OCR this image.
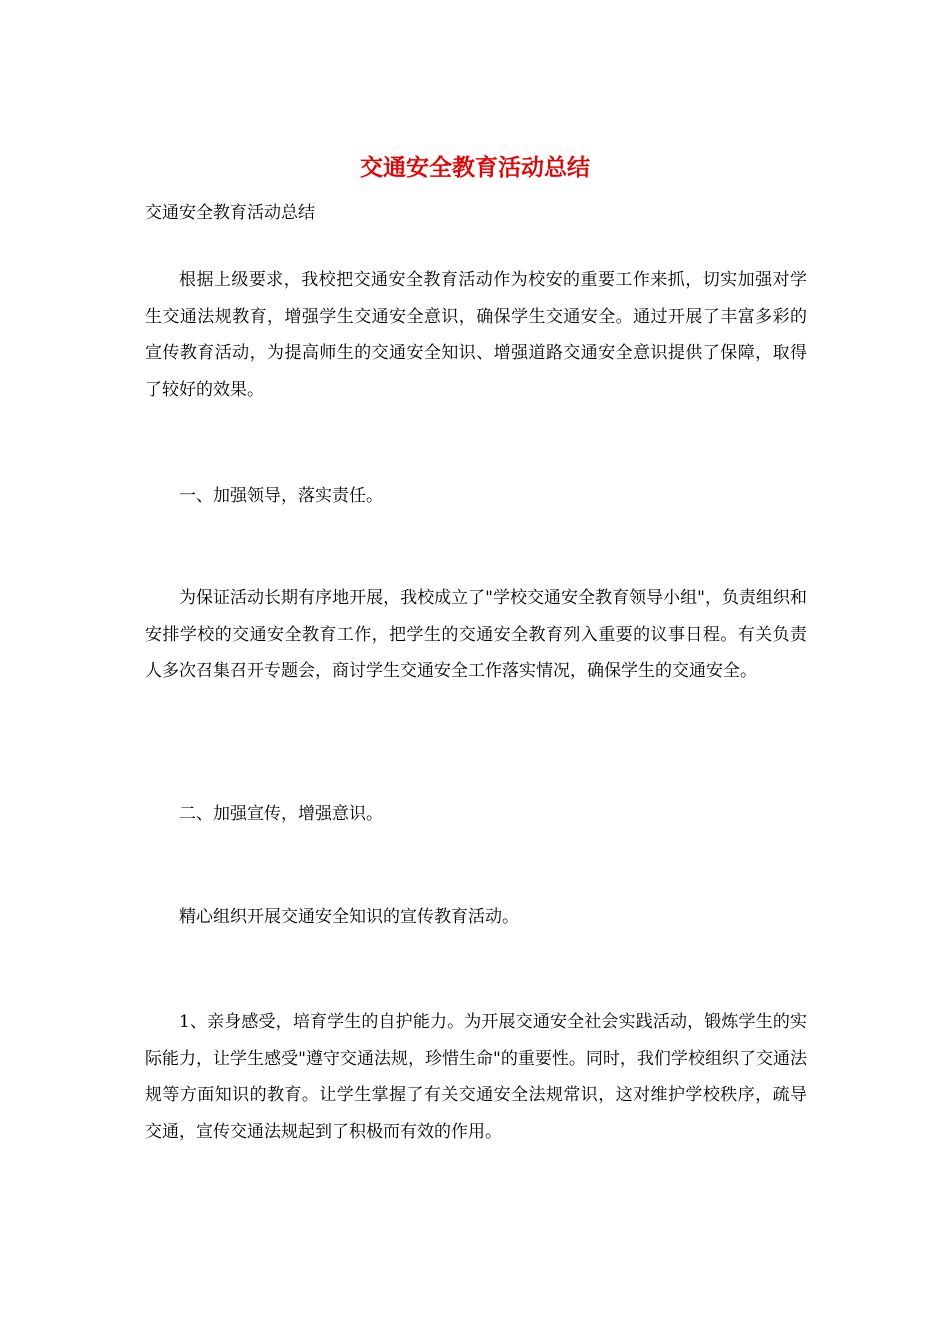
交通安全教育活动总结

交通安全教育活动总结

根据上级要求，我校把交通安全教育活动作为校安的重要工作来抓，切实加强对学生交通法规教育，增强学生交通安全意识，确保学生交通安全。通过开展了丰富多彩的宣传教育活动，为提高师生的交通安全知识、增强道路交通安全意识提供了保障，取得了较好的效果。

一、加强领导，落实责任。

为保证活动长期有序地开展，我校成立了"学校交通安全教育领导小组"，负责组织和安排学校的交通安全教育工作，把学生的交通安全教育列入重要的议事日程。有关负责人多次召集召开专题会，商讨学生交通安全工作落实情况，确保学生的交通安全。

二、加强宣传，增强意识。

精心组织开展交通安全知识的宣传教育活动。

1、亲身感受，培育学生的自护能力。为开展交通安全社会实践活动，锻炼学生的实际能力，让学生感受"遵守交通法规，珍惜生命"的重要性。同时，我们学校组织了交通法规等方面知识的教育。让学生掌握了有关交通安全法规常识，这对维护学校秩序，疏导交通，宣传交通法规起到了积极而有效的作用。
